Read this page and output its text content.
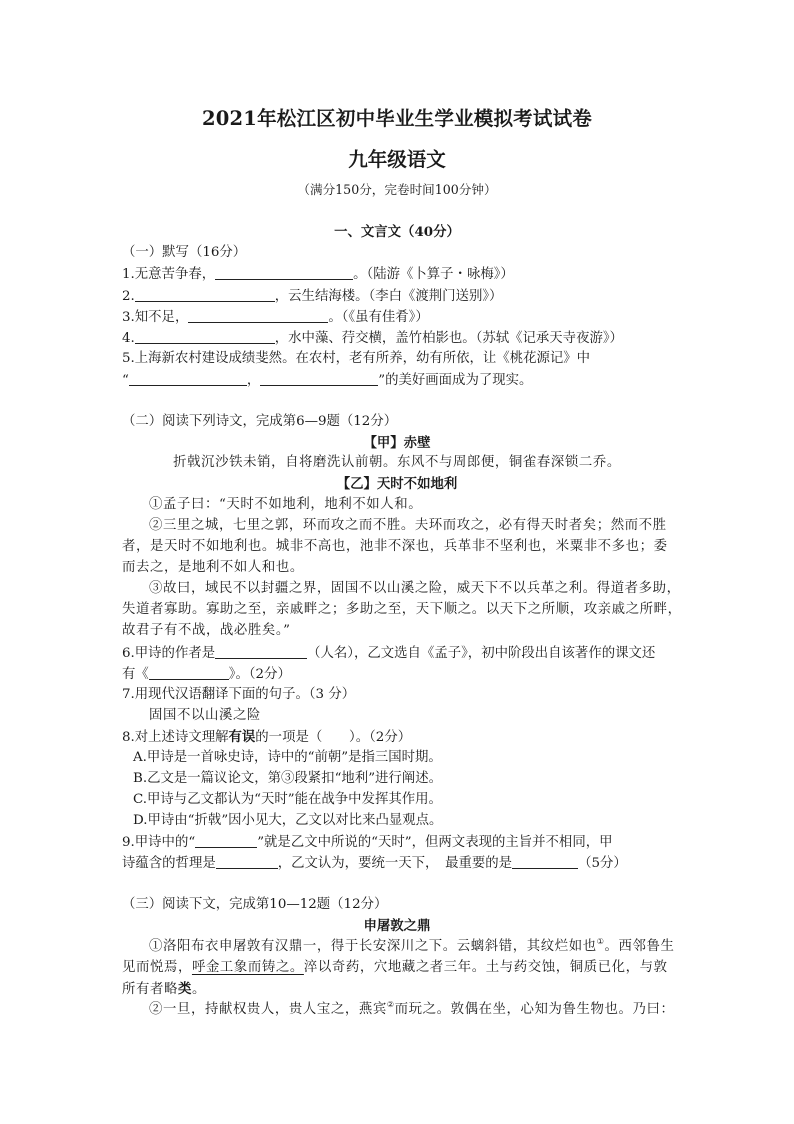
2021年松江区初中毕业生学业模拟考试试卷
九年级语文
（满分150分，完卷时间100分钟）
一、文言文（40分）
（一）默写（16分）
1.无意苦争春，	。（陆游《卜算子・咏梅》）
2.	，云生结海楼。（李白《渡荆门送别》）
3.知不足，	。（《虽有佳肴》）
4.	，水中藻、荇交横，盖竹柏影也。（苏轼《记承天寺夜游》）
5.上海新农村建设成绩斐然。在农村，老有所养，幼有所依，让《桃花源记》中
“	，	”的美好画面成为了现实。
（二）阅读下列诗文，完成第6—9题（12分）
【甲】赤壁
折戟沉沙铁未销，自将磨洗认前朝。东风不与周郎便，铜雀春深锁二乔。
【乙】天时不如地利
①孟子曰：“天时不如地利，地利不如人和。
②三里之城，七里之郭，环而攻之而不胜。夫环而攻之，必有得天时者矣；然而不胜
者，是天时不如地利也。城非不高也，池非不深也，兵革非不坚利也，米粟非不多也；委
而去之，是地利不如人和也。
③故曰，域民不以封疆之界，固国不以山溪之险，威天下不以兵革之利。得道者多助，
失道者寡助。寡助之至，亲戚畔之；多助之至，天下顺之。以天下之所顺，攻亲戚之所畔，
故君子有不战，战必胜矣。”
6.甲诗的作者是	（人名），乙文选自《孟子》，初中阶段出自该著作的课文还
有《	》。（2分）
7.用现代汉语翻译下面的句子。（3 分）
固国不以山溪之险
8.对上述诗文理解有误的一项是（　　）。（2分）
A.甲诗是一首咏史诗，诗中的“前朝”是指三国时期。
B.乙文是一篇议论文，第③段紧扣“地利”进行阐述。
C.甲诗与乙文都认为“天时”能在战争中发挥其作用。
D.甲诗由“折戟”因小见大，乙文以对比来凸显观点。
9.甲诗中的“	”就是乙文中所说的“天时”，但两文表现的主旨并不相同，甲
诗蕴含的哲理是	，乙文认为，要统一天下，　最重要的是	（5分）
（三）阅读下文，完成第10—12题（12分）
申屠敦之鼎
①洛阳布衣申屠敦有汉鼎一，得于长安深川之下。云螭斜错，其纹烂如也①。西邻鲁生
见而悦焉，呼金工象而铸之。淬以奇药，穴地藏之者三年。土与药交蚀，铜质已化，与敦
所有者略类。
②一旦，持献权贵人，贵人宝之，燕宾②而玩之。敦偶在坐，心知为鲁生物也。乃曰：
